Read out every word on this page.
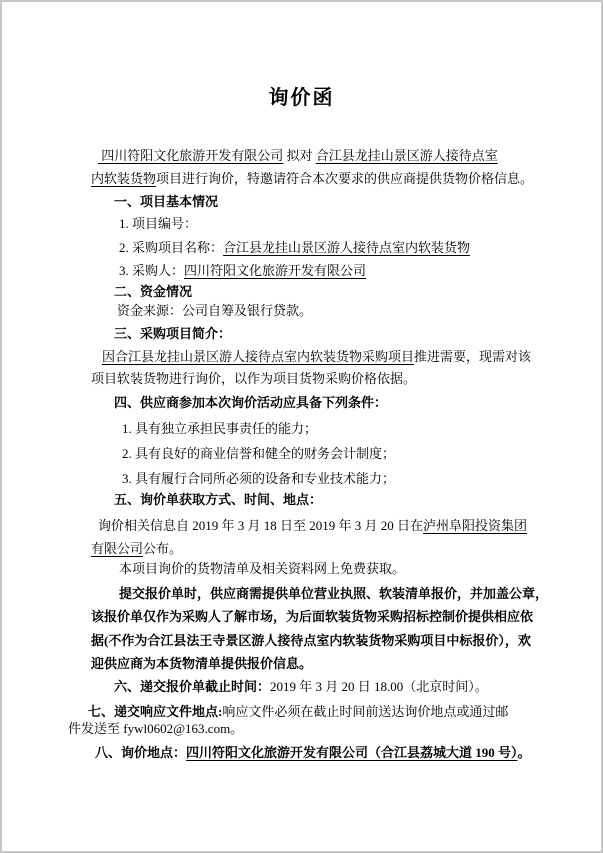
询价函
四川符阳文化旅游开发有限公司 拟对 合江县龙挂山景区游人接待点室
内软装货物项目进行询价，特邀请符合本次要求的供应商提供货物价格信息。
一、项目基本情况
1. 项目编号：
2. 采购项目名称：合江县龙挂山景区游人接待点室内软装货物
3. 采购人：四川符阳文化旅游开发有限公司
二、资金情况
资金来源：公司自筹及银行贷款。
三、采购项目简介：
因合江县龙挂山景区游人接待点室内软装货物采购项目推进需要，现需对该
项目软装货物进行询价，以作为项目货物采购价格依据。
四、供应商参加本次询价活动应具备下列条件：
1. 具有独立承担民事责任的能力；
2. 具有良好的商业信誉和健全的财务会计制度；
3. 具有履行合同所必须的设备和专业技术能力；
五、询价单获取方式、时间、地点：
询价相关信息自 2019 年 3 月 18 日至 2019 年 3 月 20 日在泸州阜阳投资集团
有限公司公布。
本项目询价的货物清单及相关资料网上免费获取。
提交报价单时，供应商需提供单位营业执照、软装清单报价，并加盖公章，
该报价单仅作为采购人了解市场，为后面软装货物采购招标控制价提供相应依
据(不作为合江县法王寺景区游人接待点室内软装货物采购项目中标报价），欢
迎供应商为本货物清单提供报价信息。
六、递交报价单截止时间：2019 年 3 月 20 日 18.00（北京时间）。
七、递交响应文件地点:响应文件必须在截止时间前送达询价地点或通过邮
件发送至 fywl0602@163.com。
八、询价地点：四川符阳文化旅游开发有限公司（合江县荔城大道 190 号）。
